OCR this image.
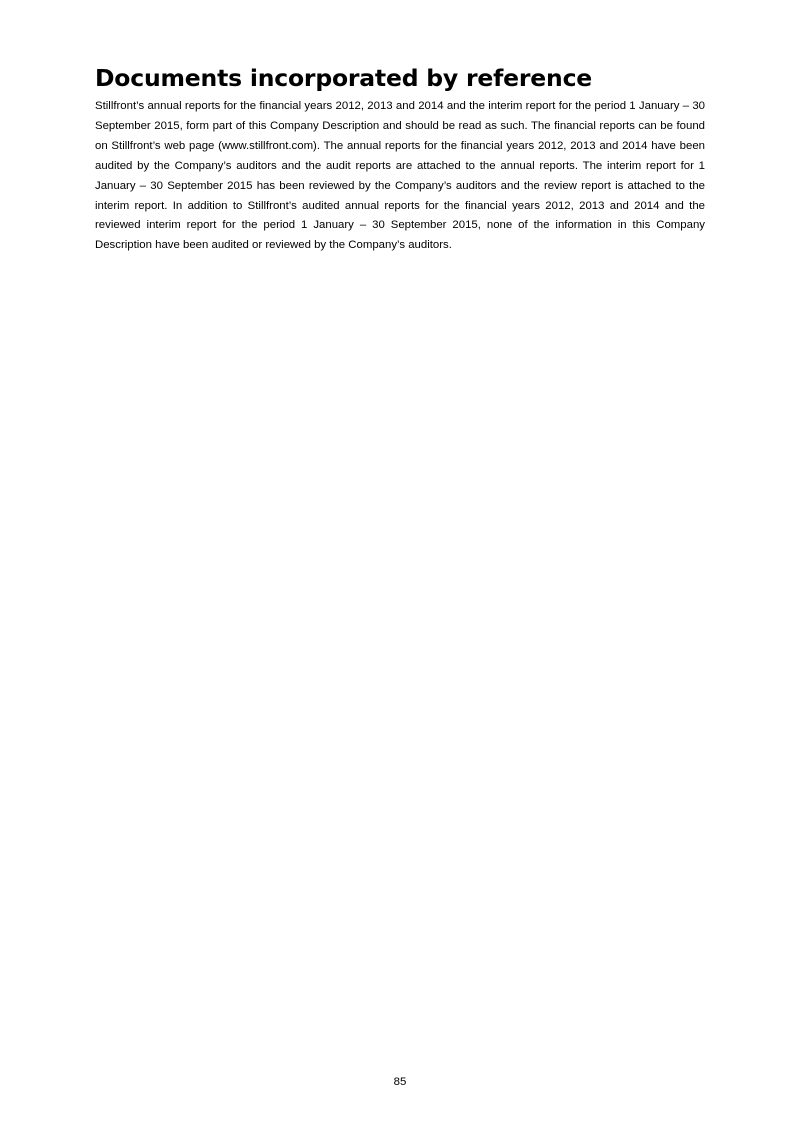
Documents incorporated by reference

Stillfront’s annual reports for the financial years 2012, 2013 and 2014 and the interim report for the period 1 January – 30 September 2015, form part of this Company Description and should be read as such. The financial reports can be found on Stillfront’s web page (www.stillfront.com). The annual reports for the financial years 2012, 2013 and 2014 have been audited by the Company’s auditors and the audit reports are attached to the annual reports. The interim report for 1 January – 30 September 2015 has been reviewed by the Company’s auditors and the review report is attached to the interim report. In addition to Stillfront’s audited annual reports for the financial years 2012, 2013 and 2014 and the reviewed interim report for the period 1 January – 30 September 2015, none of the information in this Company Description have been audited or reviewed by the Company’s auditors.

85
